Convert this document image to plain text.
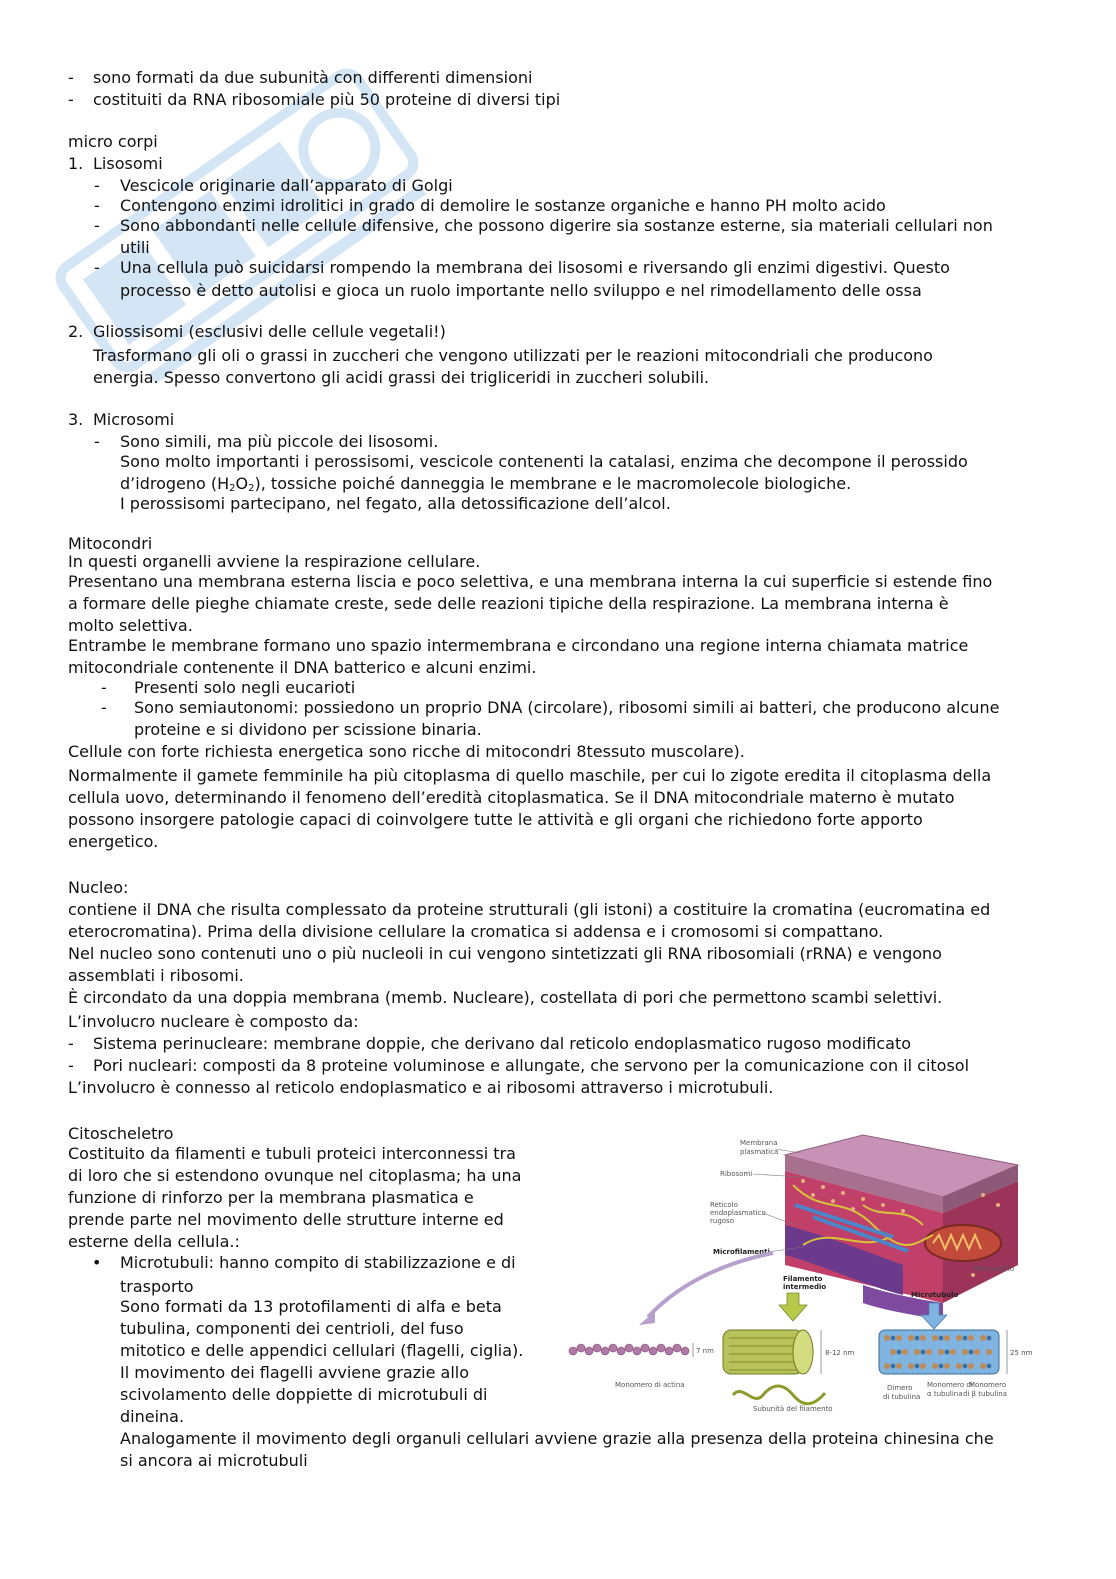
- sono formati da due subunità con differenti dimensioni
- costituiti da RNA ribosomiale più 50 proteine di diversi tipi
micro corpi
1. Lisosomi
- Vescicole originarie dall’apparato di Golgi
- Contengono enzimi idrolitici in grado di demolire le sostanze organiche e hanno PH molto acido
- Sono abbondanti nelle cellule difensive, che possono digerire sia sostanze esterne, sia materiali cellulari non
utili
- Una cellula può suicidarsi rompendo la membrana dei lisosomi e riversando gli enzimi digestivi. Questo
processo è detto autolisi e gioca un ruolo importante nello sviluppo e nel rimodellamento delle ossa
2. Gliossisomi (esclusivi delle cellule vegetali!)
Trasformano gli oli o grassi in zuccheri che vengono utilizzati per le reazioni mitocondriali che producono
energia. Spesso convertono gli acidi grassi dei trigliceridi in zuccheri solubili.
3. Microsomi
- Sono simili, ma più piccole dei lisosomi.
Sono molto importanti i perossisomi, vescicole contenenti la catalasi, enzima che decompone il perossido
d’idrogeno $(H_2O_2)$, tossiche poiché danneggia le membrane e le macromolecole biologiche.
I perossisomi partecipano, nel fegato, alla detossificazione dell’alcol.
Mitocondri
In questi organelli avviene la respirazione cellulare.
Presentano una membrana esterna liscia e poco selettiva, e una membrana interna la cui superficie si estende fino
a formare delle pieghe chiamate creste, sede delle reazioni tipiche della respirazione. La membrana interna è
molto selettiva.
Entrambe le membrane formano uno spazio intermembrana e circondano una regione interna chiamata matrice
mitocondriale contenente il DNA batterico e alcuni enzimi.
- Presenti solo negli eucarioti
- Sono semiautonomi: possiedono un proprio DNA (circolare), ribosomi simili ai batteri, che producono alcune
proteine e si dividono per scissione binaria.
Cellule con forte richiesta energetica sono ricche di mitocondri 8tessuto muscolare).
Normalmente il gamete femminile ha più citoplasma di quello maschile, per cui lo zigote eredita il citoplasma della
cellula uovo, determinando il fenomeno dell’eredità citoplasmatica. Se il DNA mitocondriale materno è mutato
possono insorgere patologie capaci di coinvolgere tutte le attività e gli organi che richiedono forte apporto
energetico.
Nucleo:
contiene il DNA che risulta complessato da proteine strutturali (gli istoni) a costituire la cromatina (eucromatina ed
eterocromatina). Prima della divisione cellulare la cromatica si addensa e i cromosomi si compattano.
Nel nucleo sono contenuti uno o più nucleoli in cui vengono sintetizzati gli RNA ribosomiali (rRNA) e vengono
assemblati i ribosomi.
È circondato da una doppia membrana (memb. Nucleare), costellata di pori che permettono scambi selettivi.
L’involucro nucleare è composto da:
- Sistema perinucleare: membrane doppie, che derivano dal reticolo endoplasmatico rugoso modificato
- Pori nucleari: composti da 8 proteine voluminose e allungate, che servono per la comunicazione con il citosol
L’involucro è connesso al reticolo endoplasmatico e ai ribosomi attraverso i microtubuli.
Citoscheletro
Costituito da filamenti e tubuli proteici interconnessi tra
di loro che si estendono ovunque nel citoplasma; ha una
funzione di rinforzo per la membrana plasmatica e
prende parte nel movimento delle strutture interne ed
esterne della cellula.:
• Microtubuli: hanno compito di stabilizzazione e di
trasporto
Sono formati da 13 protofilamenti di alfa e beta
tubulina, componenti dei centrioli, del fuso
mitotico e delle appendici cellulari (flagelli, ciglia).
Il movimento dei flagelli avviene grazie allo
scivolamento delle doppiette di microtubuli di
dineina.
Analogamente il movimento degli organuli cellulari avviene grazie alla presenza della proteina chinesina che
si ancora ai microtubuli
Membrana
plasmatica
Ribosomi
Reticolo
endoplasmatico
rugoso
Microfilamenti
Filamento
intermedio
Microtubulo
Mitocondrio
7 nm
Monomero di actina
8-12 nm
Subunità del filamento
25 nm
Dimero
di tubulina
Monomero di
α tubulina
Monomero
di β tubulina
